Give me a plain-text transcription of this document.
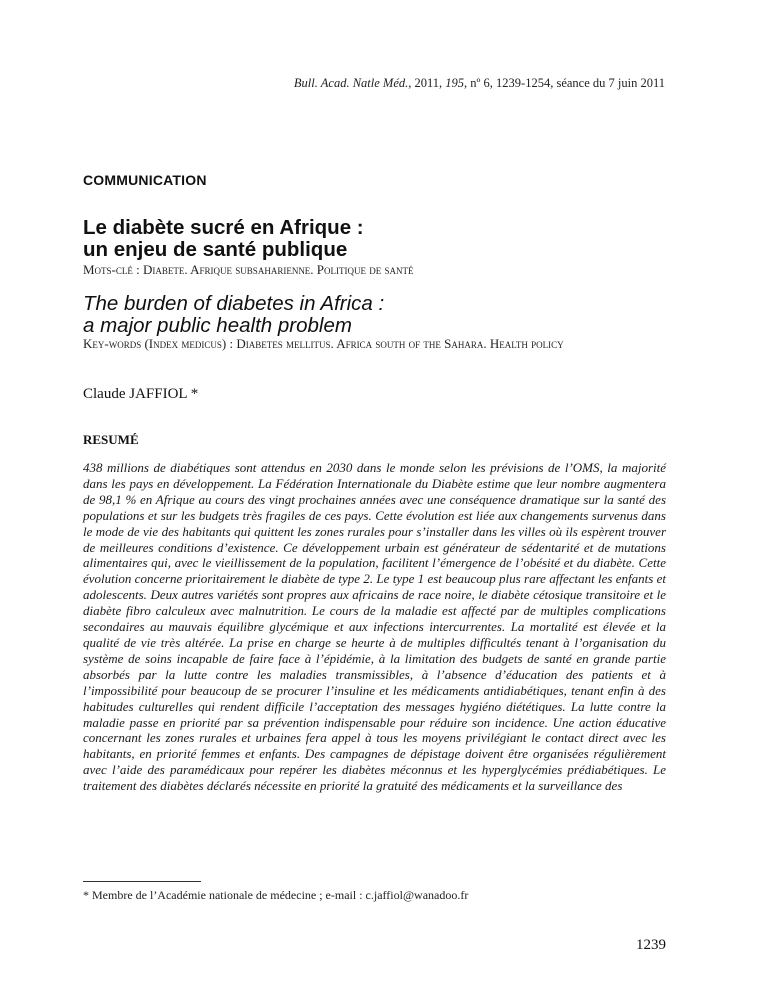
Bull. Acad. Natle Méd., 2011, 195, nº 6, 1239-1254, séance du 7 juin 2011
COMMUNICATION
Le diabète sucré en Afrique :
un enjeu de santé publique
Mots-clé : Diabete. Afrique subsaharienne. Politique de santé
The burden of diabetes in Africa :
a major public health problem
Key-words (Index medicus) : Diabetes mellitus. Africa south of the Sahara. Health policy
Claude JAFFIOL *
RESUMÉ

438 millions de diabétiques sont attendus en 2030 dans le monde selon les prévisions de l’OMS, la majorité dans les pays en développement. La Fédération Internationale du Diabète estime que leur nombre augmentera de 98,1 % en Afrique au cours des vingt prochaines années avec une conséquence dramatique sur la santé des populations et sur les budgets très fragiles de ces pays. Cette évolution est liée aux changements survenus dans le mode de vie des habitants qui quittent les zones rurales pour s’installer dans les villes où ils espèrent trouver de meilleures conditions d’existence. Ce développement urbain est générateur de sédentarité et de mutations alimentaires qui, avec le vieillissement de la population, facilitent l’émergence de l’obésité et du diabète. Cette évolution concerne prioritairement le diabète de type 2. Le type 1 est beaucoup plus rare affectant les enfants et adolescents. Deux autres variétés sont propres aux africains de race noire, le diabète cétosique transitoire et le diabète fibro calculeux avec malnutrition. Le cours de la maladie est affecté par de multiples complications secondaires au mauvais équilibre glycémique et aux infections intercurrentes. La mortalité est élevée et la qualité de vie très altérée. La prise en charge se heurte à de multiples difficultés tenant à l’organisation du système de soins incapable de faire face à l’épidémie, à la limitation des budgets de santé en grande partie absorbés par la lutte contre les maladies transmissibles, à l’absence d’éducation des patients et à l’impossibilité pour beaucoup de se procurer l’insuline et les médicaments antidiabétiques, tenant enfin à des habitudes culturelles qui rendent difficile l’acceptation des messages hygiéno diététiques. La lutte contre la maladie passe en priorité par sa prévention indispensable pour réduire son incidence. Une action éducative concernant les zones rurales et urbaines fera appel à tous les moyens privilégiant le contact direct avec les habitants, en priorité femmes et enfants. Des campagnes de dépistage doivent être organisées régulièrement avec l’aide des paramédicaux pour repérer les diabètes méconnus et les hyperglycémies prédiabétiques. Le traitement des diabètes déclarés nécessite en priorité la gratuité des médicaments et la surveillance des

* Membre de l’Académie nationale de médecine ; e-mail : c.jaffiol@wanadoo.fr
1239
